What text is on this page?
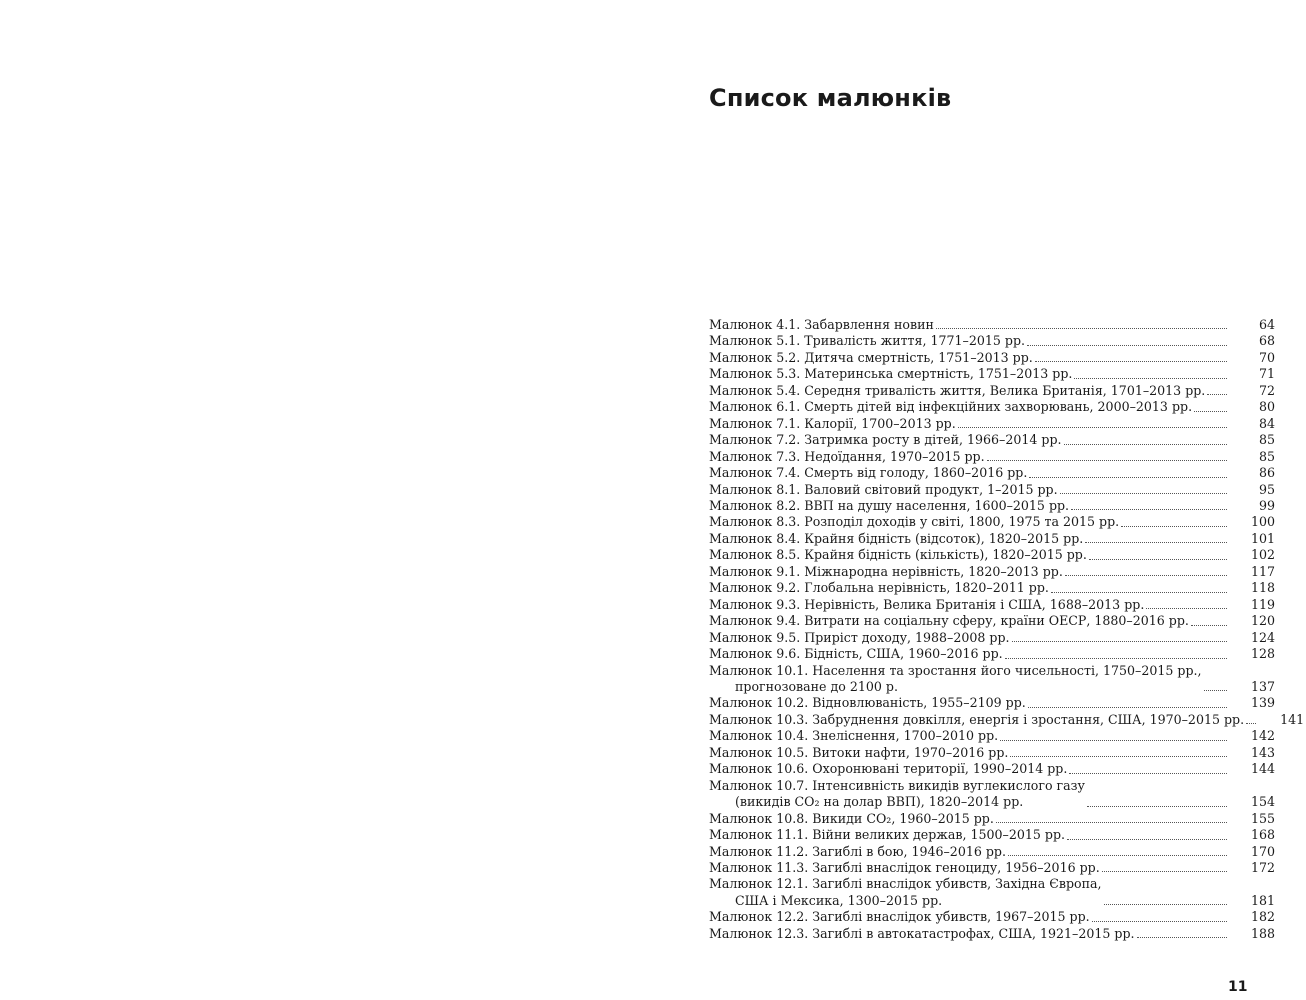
Список малюнків
Малюнок 4.1. Забарвлення новин	64
Малюнок 5.1. Тривалість життя, 1771–2015 рр.	68
Малюнок 5.2. Дитяча смертність, 1751–2013 рр.	70
Малюнок 5.3. Материнська смертність, 1751–2013 рр.	71
Малюнок 5.4. Середня тривалість життя, Велика Британія, 1701–2013 рр.	72
Малюнок 6.1. Смерть дітей від інфекційних захворювань, 2000–2013 рр.	80
Малюнок 7.1. Калорії, 1700–2013 рр.	84
Малюнок 7.2. Затримка росту в дітей, 1966–2014 рр.	85
Малюнок 7.3. Недоїдання, 1970–2015 рр.	85
Малюнок 7.4. Смерть від голоду, 1860–2016 рр.	86
Малюнок 8.1. Валовий світовий продукт, 1–2015 рр.	95
Малюнок 8.2. ВВП на душу населення, 1600–2015 рр.	99
Малюнок 8.3. Розподіл доходів у світі, 1800, 1975 та 2015 рр.	100
Малюнок 8.4. Крайня бідність (відсоток), 1820–2015 рр.	101
Малюнок 8.5. Крайня бідність (кількість), 1820–2015 рр.	102
Малюнок 9.1. Міжнародна нерівність, 1820–2013 рр.	117
Малюнок 9.2. Глобальна нерівність, 1820–2011 рр.	118
Малюнок 9.3. Нерівність, Велика Британія і США, 1688–2013 рр.	119
Малюнок 9.4. Витрати на соціальну сферу, країни ОЕСР, 1880–2016 рр.	120
Малюнок 9.5. Приріст доходу, 1988–2008 рр.	124
Малюнок 9.6. Бідність, США, 1960–2016 рр.	128
Малюнок 10.1. Населення та зростання його чисельності, 1750–2015 рр.,
прогнозоване до 2100 р.	137
Малюнок 10.2. Відновлюваність, 1955–2109 рр.	139
Малюнок 10.3. Забруднення довкілля, енергія і зростання, США, 1970–2015 рр.	141
Малюнок 10.4. Знеліснення, 1700–2010 рр.	142
Малюнок 10.5. Витоки нафти, 1970–2016 рр.	143
Малюнок 10.6. Охоронювані території, 1990–2014 рр.	144
Малюнок 10.7. Інтенсивність викидів вуглекислого газу
(викидів CO₂ на долар ВВП), 1820–2014 рр.	154
Малюнок 10.8. Викиди CO₂, 1960–2015 рр.	155
Малюнок 11.1. Війни великих держав, 1500–2015 рр.	168
Малюнок 11.2. Загиблі в бою, 1946–2016 рр.	170
Малюнок 11.3. Загиблі внаслідок геноциду, 1956–2016 рр.	172
Малюнок 12.1. Загиблі внаслідок убивств, Західна Європа,
США і Мексика, 1300–2015 рр.	181
Малюнок 12.2. Загиблі внаслідок убивств, 1967–2015 рр.	182
Малюнок 12.3. Загиблі в автокатастрофах, США, 1921–2015 рр.	188
11
